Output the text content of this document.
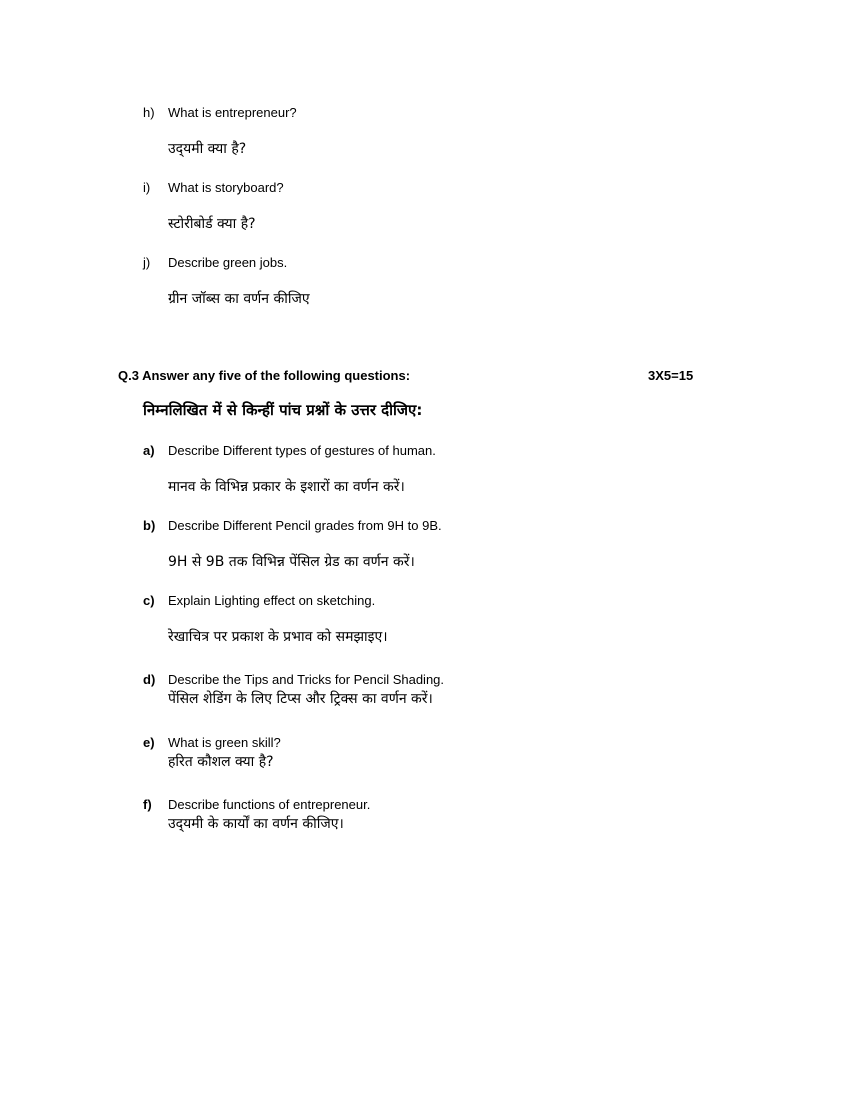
h) What is entrepreneur?
उद्‌यमी क्या है?
i) What is storyboard?
स्टोरीबोर्ड क्या है?
j) Describe green jobs.
ग्रीन जॉब्स का वर्णन कीजिए
Q.3 Answer any five of the following questions:	3X5=15
निम्नलिखित में से किन्हीं पांच प्रश्नों के उत्तर दीजिए:
a) Describe Different types of gestures of human.
मानव के विभिन्न प्रकार के इशारों का वर्णन करें।
b) Describe Different Pencil grades from 9H to 9B.
9H से 9B तक विभिन्न पेंसिल ग्रेड का वर्णन करें।
c) Explain Lighting effect on sketching.
रेखाचित्र पर प्रकाश के प्रभाव को समझाइए।
d) Describe the Tips and Tricks for Pencil Shading.
पेंसिल शेडिंग के लिए टिप्स और ट्रिक्स का वर्णन करें।
e) What is green skill?
हरित कौशल क्या है?
f) Describe functions of entrepreneur.
उद्‌यमी के कार्यों का वर्णन कीजिए।
